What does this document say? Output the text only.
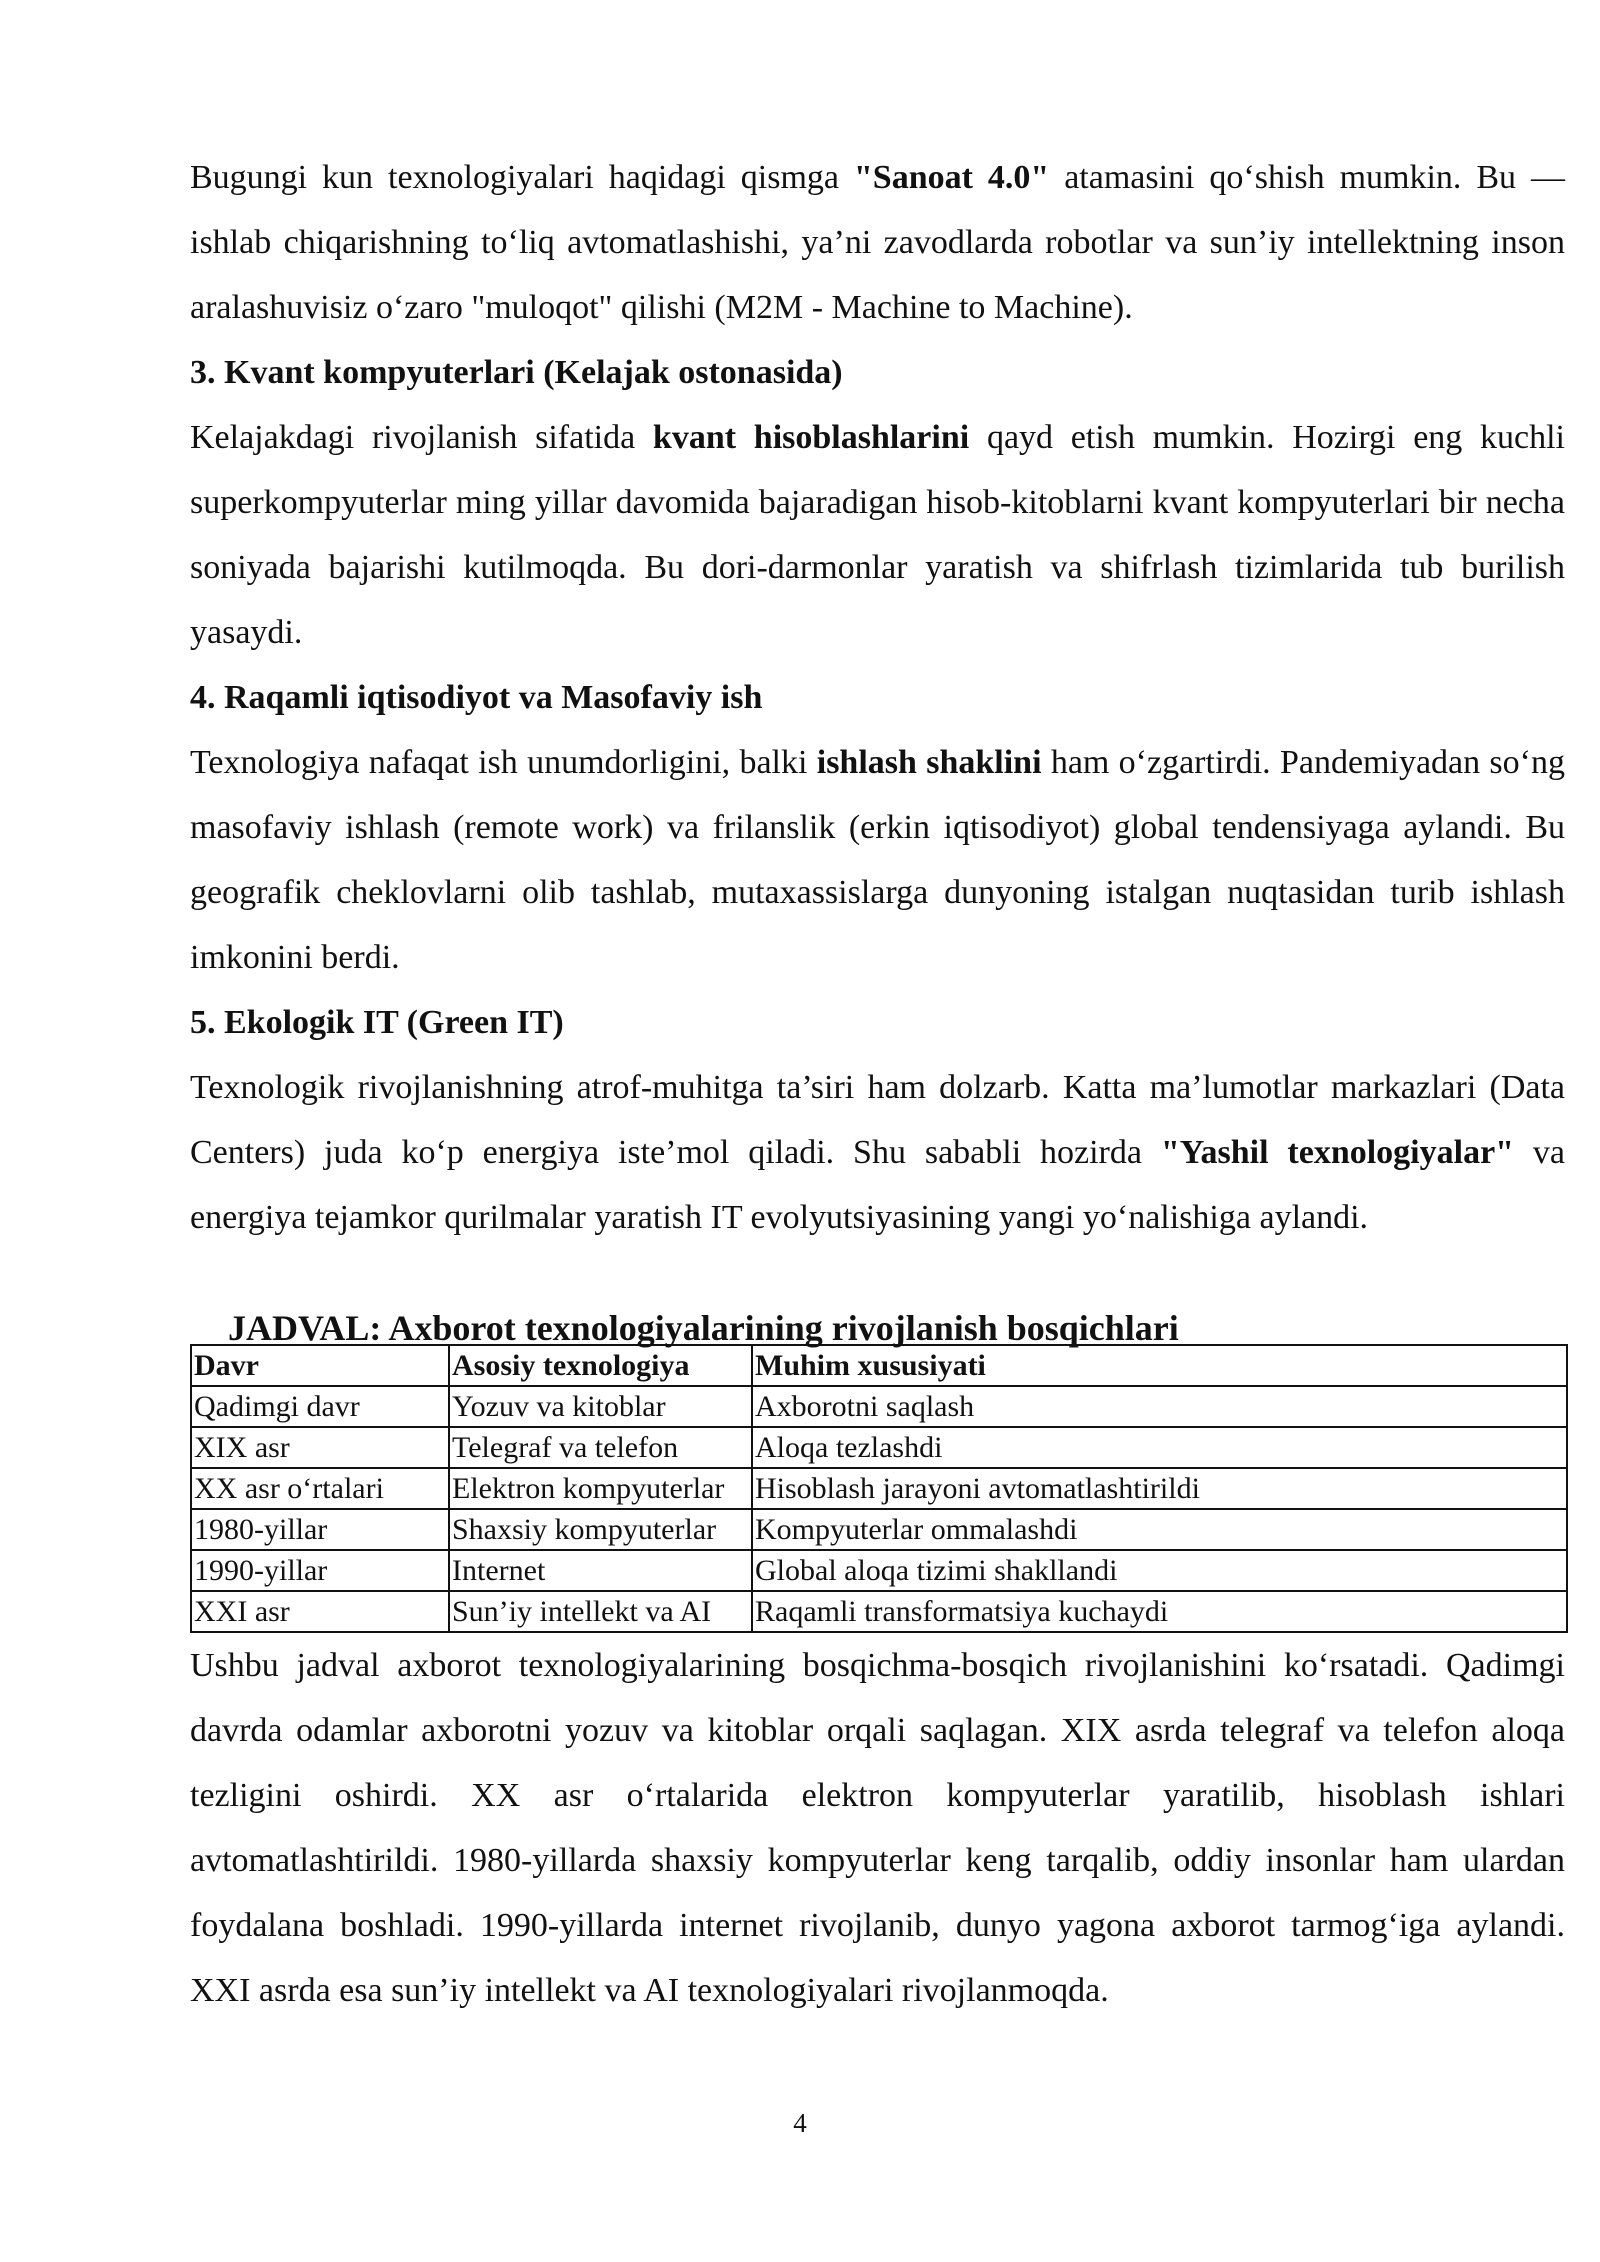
Bugungi kun texnologiyalari haqidagi qismga "Sanoat 4.0" atamasini qo‘shish mumkin. Bu — ishlab chiqarishning to‘liq avtomatlashishi, ya’ni zavodlarda robotlar va sun’iy intellektning inson aralashuvisiz o‘zaro "muloqot" qilishi (M2M - Machine to Machine).

3. Kvant kompyuterlari (Kelajak ostonasida)

Kelajakdagi rivojlanish sifatida kvant hisoblashlarini qayd etish mumkin. Hozirgi eng kuchli superkompyuterlar ming yillar davomida bajaradigan hisob-kitoblarni kvant kompyuterlari bir necha soniyada bajarishi kutilmoqda. Bu dori-darmonlar yaratish va shifrlash tizimlarida tub burilish yasaydi.

4. Raqamli iqtisodiyot va Masofaviy ish

Texnologiya nafaqat ish unumdorligini, balki ishlash shaklini ham o‘zgartirdi. Pandemiyadan so‘ng masofaviy ishlash (remote work) va frilanslik (erkin iqtisodiyot) global tendensiyaga aylandi. Bu geografik cheklovlarni olib tashlab, mutaxassislarga dunyoning istalgan nuqtasidan turib ishlash imkonini berdi.

5. Ekologik IT (Green IT)

Texnologik rivojlanishning atrof-muhitga ta’siri ham dolzarb. Katta ma’lumotlar markazlari (Data Centers) juda ko‘p energiya iste’mol qiladi. Shu sababli hozirda "Yashil texnologiyalar" va energiya tejamkor qurilmalar yaratish IT evolyutsiyasining yangi yo‘nalishiga aylandi.

JADVAL: Axborot texnologiyalarining rivojlanish bosqichlari

Davr	Asosiy texnologiya	Muhim xususiyati
Qadimgi davr	Yozuv va kitoblar	Axborotni saqlash
XIX asr	Telegraf va telefon	Aloqa tezlashdi
XX asr o‘rtalari	Elektron kompyuterlar	Hisoblash jarayoni avtomatlashtirildi
1980-yillar	Shaxsiy kompyuterlar	Kompyuterlar ommalashdi
1990-yillar	Internet	Global aloqa tizimi shakllandi
XXI asr	Sun’iy intellekt va AI	Raqamli transformatsiya kuchaydi

Ushbu jadval axborot texnologiyalarining bosqichma-bosqich rivojlanishini ko‘rsatadi. Qadimgi davrda odamlar axborotni yozuv va kitoblar orqali saqlagan. XIX asrda telegraf va telefon aloqa tezligini oshirdi. XX asr o‘rtalarida elektron kompyuterlar yaratilib, hisoblash ishlari avtomatlashtirildi. 1980-yillarda shaxsiy kompyuterlar keng tarqalib, oddiy insonlar ham ulardan foydalana boshladi. 1990-yillarda internet rivojlanib, dunyo yagona axborot tarmog‘iga aylandi. XXI asrda esa sun’iy intellekt va AI texnologiyalari rivojlanmoqda.

4
